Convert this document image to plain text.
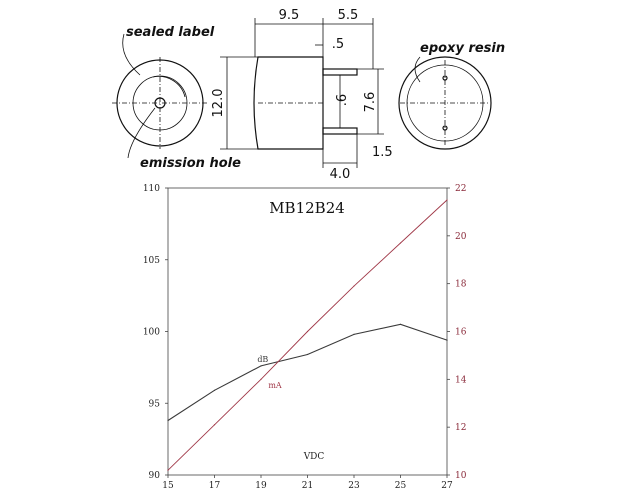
sealed label
emission hole
9.5	5.5
.5
12.0	.6 7.6
1.5
4.0
epoxy resin
MB12B24
VDC
15	17	19	21	23	25	27
90
95
100
105
110
10
12
14
16
18
20
22
dB
mA
